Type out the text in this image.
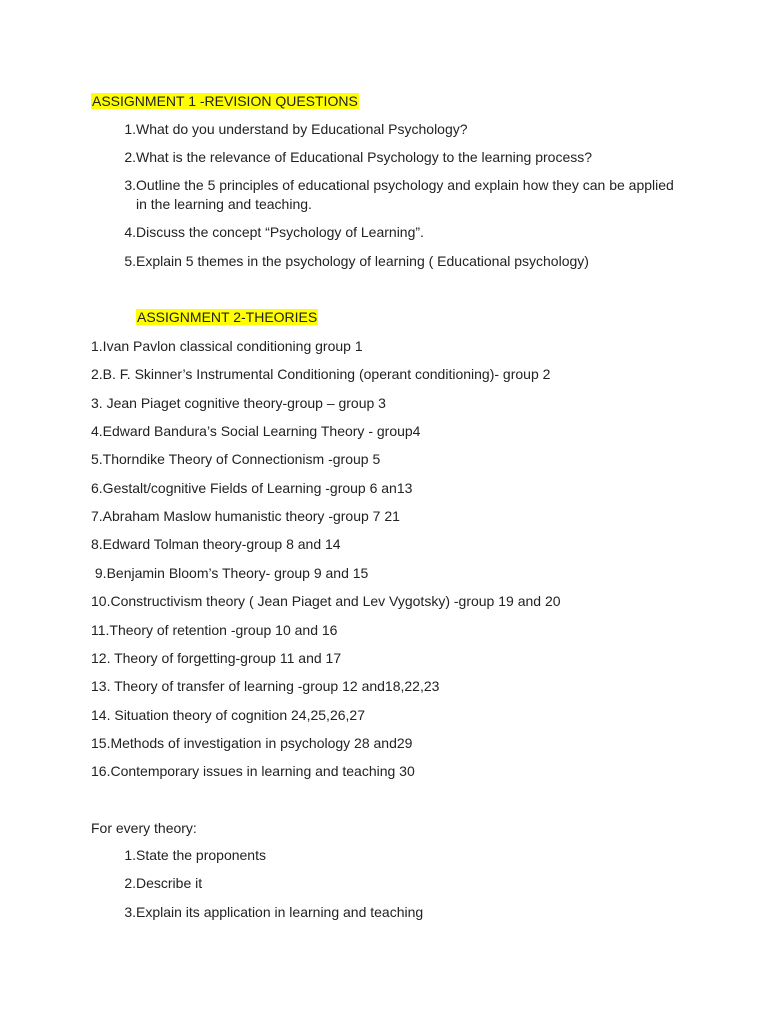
ASSIGNMENT 1 -REVISION QUESTIONS
1. What do you understand by Educational Psychology?
2. What is the relevance of Educational Psychology to the learning process?
3. Outline the 5 principles of educational psychology and explain how they can be applied
in the learning and teaching.
4. Discuss the concept “Psychology of Learning”.
5. Explain 5 themes in the psychology of learning ( Educational psychology)
ASSIGNMENT 2-THEORIES
1.Ivan Pavlon classical conditioning group 1
2.B. F. Skinner’s Instrumental Conditioning (operant conditioning)- group 2
3. Jean Piaget cognitive theory-group – group 3
4.Edward Bandura’s Social Learning Theory - group4
5.Thorndike Theory of Connectionism -group 5
6.Gestalt/cognitive Fields of Learning -group 6 an13
7.Abraham Maslow humanistic theory -group 7 21
8.Edward Tolman theory-group 8 and 14
9.Benjamin Bloom’s Theory- group 9 and 15
10.Constructivism theory ( Jean Piaget and Lev Vygotsky) -group 19 and 20
11.Theory of retention -group 10 and 16
12. Theory of forgetting-group 11 and 17
13. Theory of transfer of learning -group 12 and18,22,23
14. Situation theory of cognition 24,25,26,27
15.Methods of investigation in psychology 28 and29
16.Contemporary issues in learning and teaching 30
For every theory:
1. State the proponents
2. Describe it
3. Explain its application in learning and teaching
